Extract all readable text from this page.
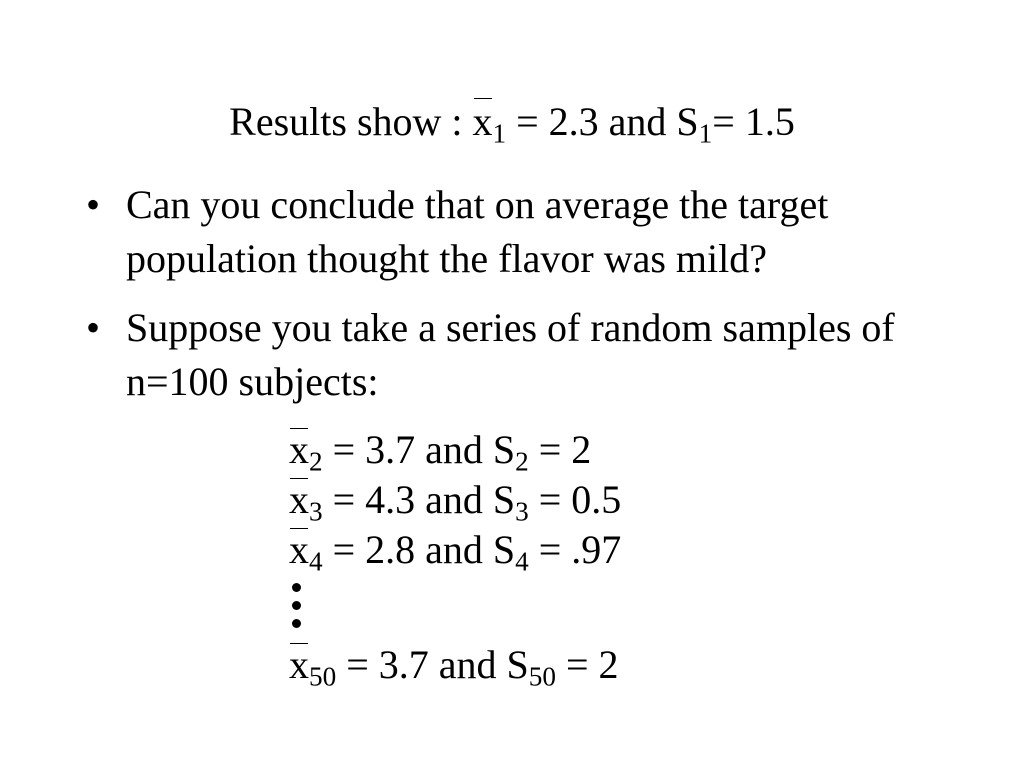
Results show :
$x_1 = 2.3$ and $S_1= 1.5$
• Can you conclude that on average the target population thought the flavor was mild?
• Suppose you take a series of random samples of n=100 subjects:
$x_2 = 3.7$ and $S_2 = 2$
$x_3 = 4.3$ and $S_3 = 0.5$
$x_4 = 2.8$ and $S_4 = .97$
$x_{50} = 3.7$ and $S_{50} = 2$
